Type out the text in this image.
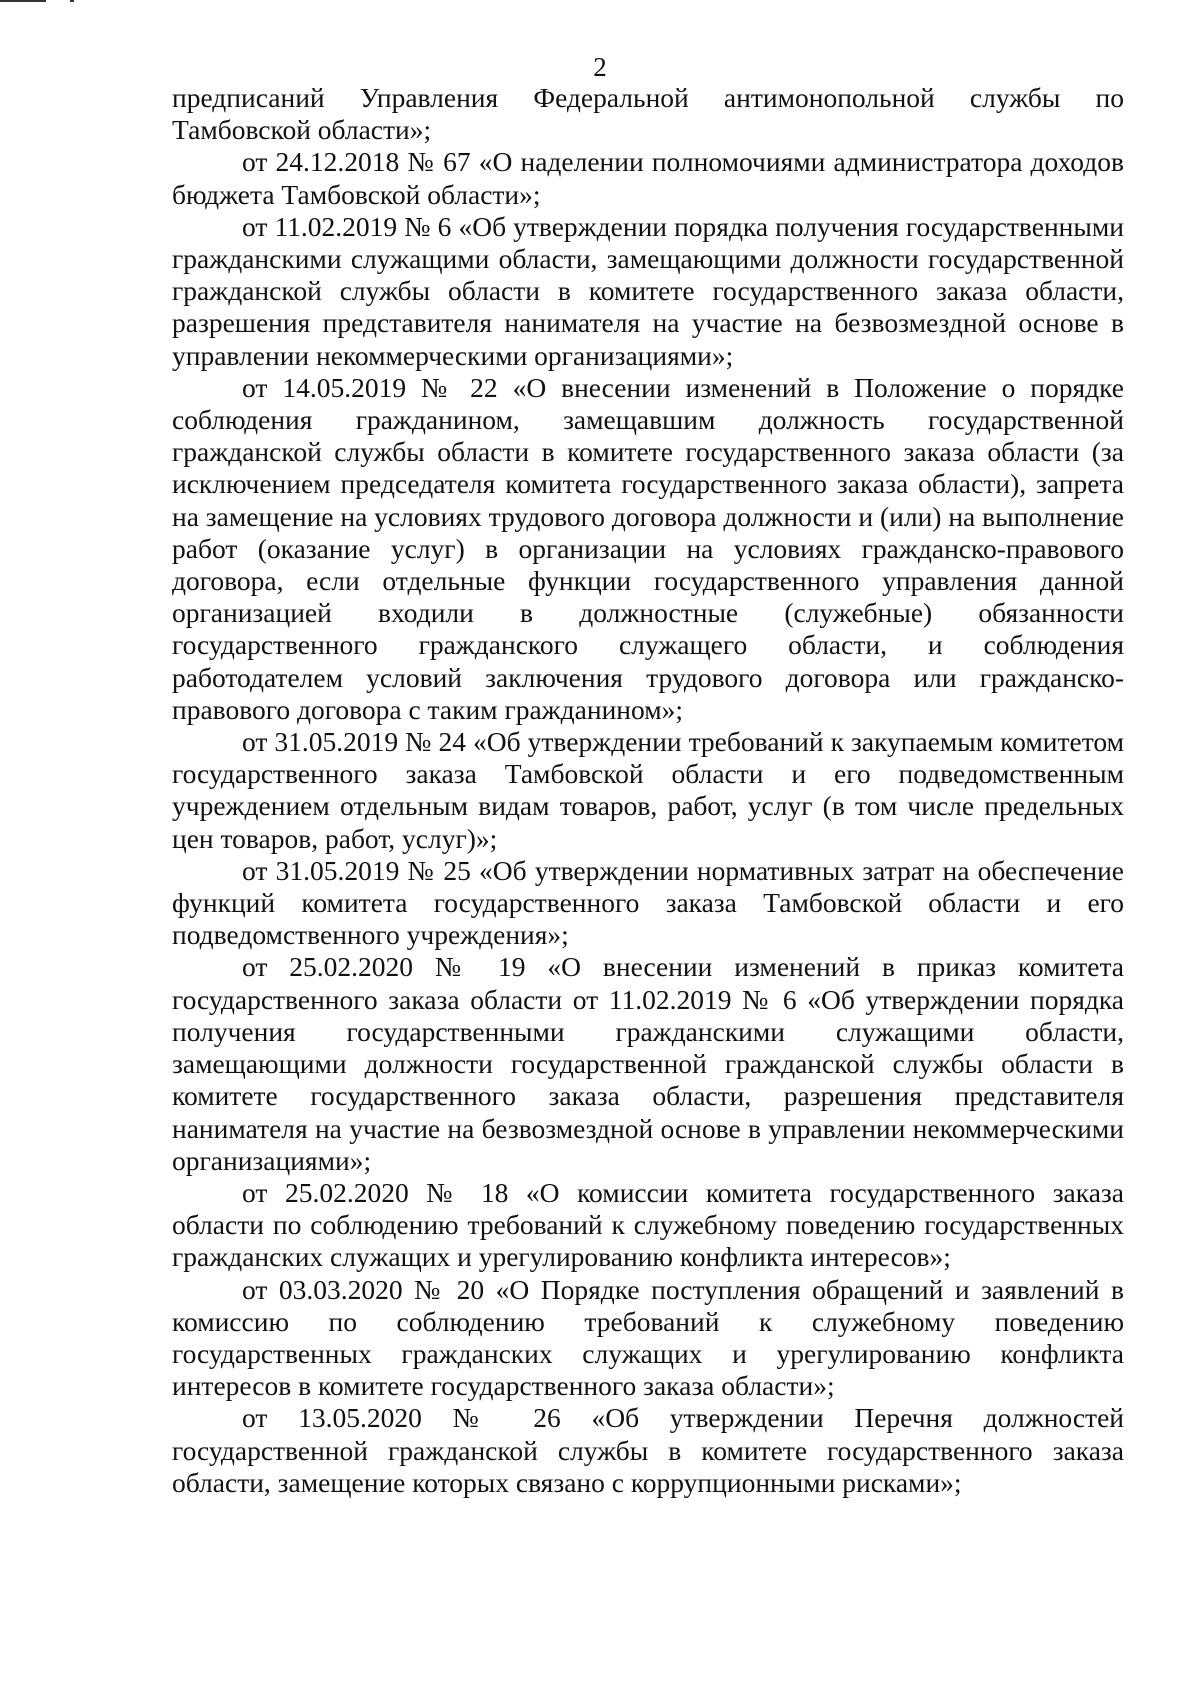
2

предписаний Управления Федеральной антимонопольной службы по Тамбовской области»;

от 24.12.2018 № 67 «О наделении полномочиями администратора доходов бюджета Тамбовской области»;

от 11.02.2019 № 6 «Об утверждении порядка получения государственными гражданскими служащими области, замещающими должности государственной гражданской службы области в комитете государственного заказа области, разрешения представителя нанимателя на участие на безвозмездной основе в управлении некоммерческими организациями»;

от 14.05.2019 № 22 «О внесении изменений в Положение о порядке соблюдения гражданином, замещавшим должность государственной гражданской службы области в комитете государственного заказа области (за исключением председателя комитета государственного заказа области), запрета на замещение на условиях трудового договора должности и (или) на выполнение работ (оказание услуг) в организации на условиях гражданско-правового договора, если отдельные функции государственного управления данной организацией входили в должностные (служебные) обязанности государственного гражданского служащего области, и соблюдения работодателем условий заключения трудового договора или гражданско-правового договора с таким гражданином»;

от 31.05.2019 № 24 «Об утверждении требований к закупаемым комитетом государственного заказа Тамбовской области и его подведомственным учреждением отдельным видам товаров, работ, услуг (в том числе предельных цен товаров, работ, услуг)»;

от 31.05.2019 № 25 «Об утверждении нормативных затрат на обеспечение функций комитета государственного заказа Тамбовской области и его подведомственного учреждения»;

от 25.02.2020 № 19 «О внесении изменений в приказ комитета государственного заказа области от 11.02.2019 № 6 «Об утверждении порядка получения государственными гражданскими служащими области, замещающими должности государственной гражданской службы области в комитете государственного заказа области, разрешения представителя нанимателя на участие на безвозмездной основе в управлении некоммерческими организациями»;

от 25.02.2020 № 18 «О комиссии комитета государственного заказа области по соблюдению требований к служебному поведению государственных гражданских служащих и урегулированию конфликта интересов»;

от 03.03.2020 № 20 «О Порядке поступления обращений и заявлений в комиссию по соблюдению требований к служебному поведению государственных гражданских служащих и урегулированию конфликта интересов в комитете государственного заказа области»;

от 13.05.2020 № 26 «Об утверждении Перечня должностей государственной гражданской службы в комитете государственного заказа области, замещение которых связано с коррупционными рисками»;
